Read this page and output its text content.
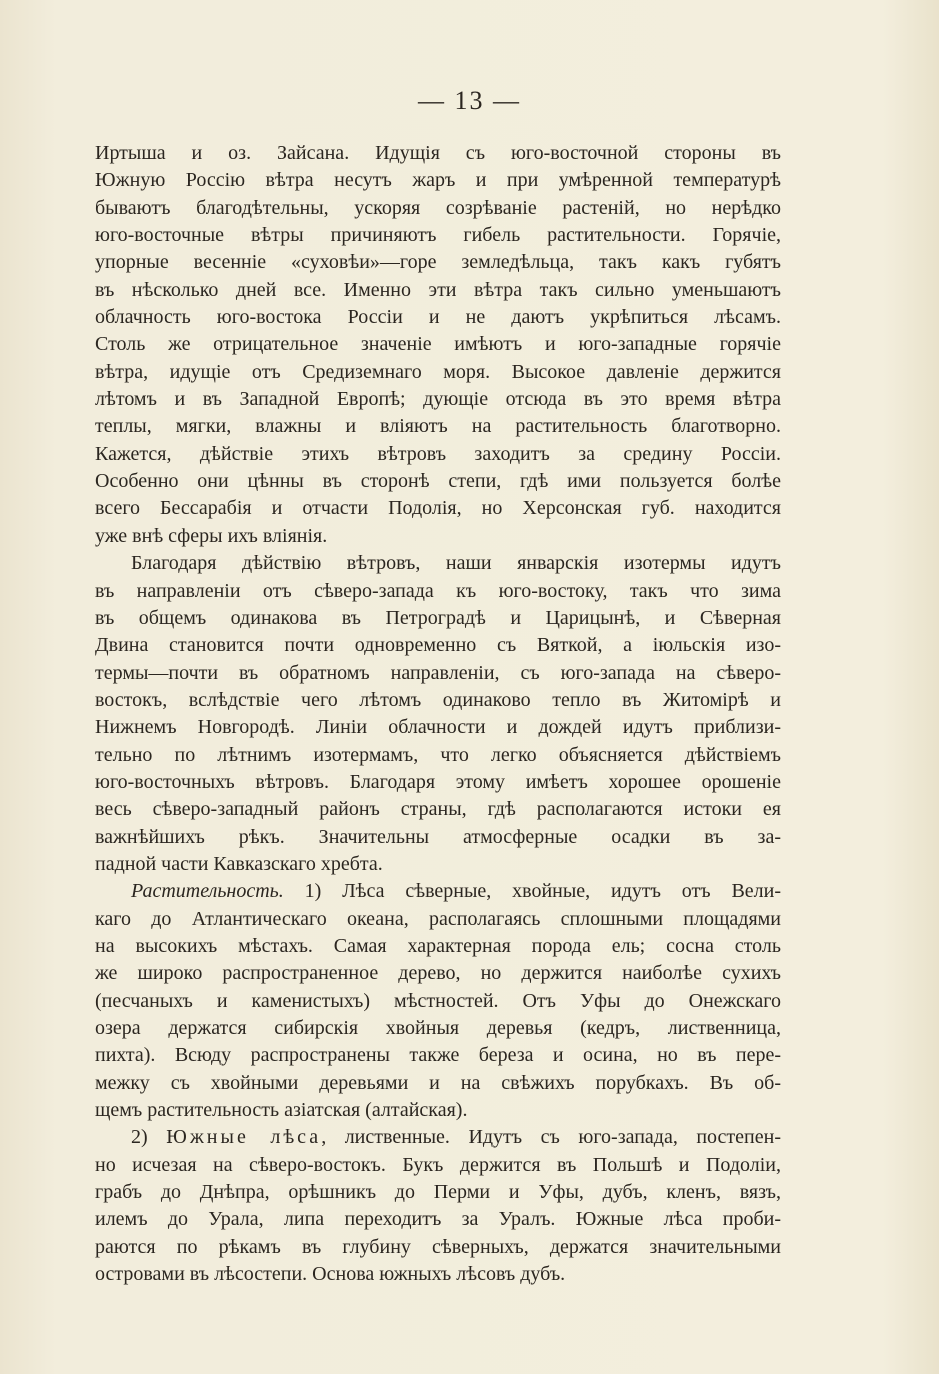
— 13 —
Иртыша и оз. Зайсана. Идущія съ юго-восточной стороны въ
Южную Россію вѣтра несутъ жаръ и при умѣренной температурѣ
бываютъ благодѣтельны, ускоряя созрѣваніе растеній, но нерѣдко
юго-восточные вѣтры причиняютъ гибель растительности. Горячіе,
упорные весенніе «суховѣи»—горе земледѣльца, такъ какъ губятъ
въ нѣсколько дней все. Именно эти вѣтра такъ сильно уменьшаютъ
облачность юго-востока Россіи и не даютъ укрѣпиться лѣсамъ.
Столь же отрицательное значеніе имѣютъ и юго-западные горячіе
вѣтра, идущіе отъ Средиземнаго моря. Высокое давленіе держится
лѣтомъ и въ Западной Европѣ; дующіе отсюда въ это время вѣтра
теплы, мягки, влажны и вліяютъ на растительность благотворно.
Кажется, дѣйствіе этихъ вѣтровъ заходитъ за средину Россіи.
Особенно они цѣнны въ сторонѣ степи, гдѣ ими пользуется болѣе
всего Бессарабія и отчасти Подолія, но Херсонская губ. находится
уже внѣ сферы ихъ вліянія.
Благодаря дѣйствію вѣтровъ, наши январскія изотермы идутъ
въ направленіи отъ сѣверо-запада къ юго-востоку, такъ что зима
въ общемъ одинакова въ Петроградѣ и Царицынѣ, и Сѣверная
Двина становится почти одновременно съ Вяткой, а іюльскія изо-
термы—почти въ обратномъ направленіи, съ юго-запада на сѣверо-
востокъ, вслѣдствіе чего лѣтомъ одинаково тепло въ Житомірѣ и
Нижнемъ Новгородѣ. Линіи облачности и дождей идутъ приблизи-
тельно по лѣтнимъ изотермамъ, что легко объясняется дѣйствіемъ
юго-восточныхъ вѣтровъ. Благодаря этому имѣетъ хорошее орошеніе
весь сѣверо-западный районъ страны, гдѣ располагаются истоки ея
важнѣйшихъ рѣкъ. Значительны атмосферные осадки въ за-
падной части Кавказскаго хребта.
Растительность. 1) Лѣса сѣверные, хвойные, идутъ отъ Вели-
каго до Атлантическаго океана, располагаясь сплошными площадями
на высокихъ мѣстахъ. Самая характерная порода ель; сосна столь
же широко распространенное дерево, но держится наиболѣе сухихъ
(песчаныхъ и каменистыхъ) мѣстностей. Отъ Уфы до Онежскаго
озера держатся сибирскія хвойныя деревья (кедръ, лиственница,
пихта). Всюду распространены также береза и осина, но въ пере-
межку съ хвойными деревьями и на свѣжихъ порубкахъ. Въ об-
щемъ растительность азіатская (алтайская).
2) Южные лѣса, лиственные. Идутъ съ юго-запада, постепен-
но исчезая на сѣверо-востокъ. Букъ держится въ Польшѣ и Подоліи,
грабъ до Днѣпра, орѣшникъ до Перми и Уфы, дубъ, кленъ, вязъ,
илемъ до Урала, липа переходитъ за Уралъ. Южные лѣса проби-
раются по рѣкамъ въ глубину сѣверныхъ, держатся значительными
островами въ лѣсостепи. Основа южныхъ лѣсовъ дубъ.
